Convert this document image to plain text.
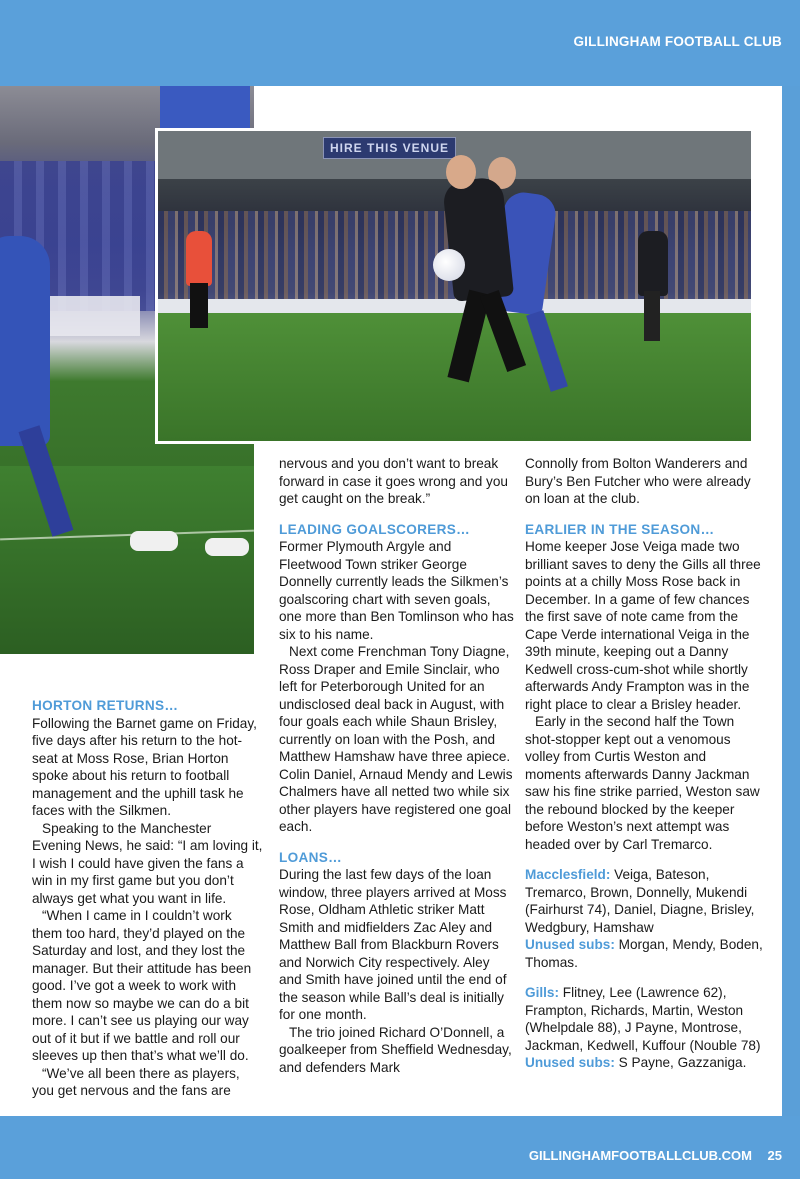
GILLINGHAM FOOTBALL CLUB
HIRE THIS VENUE

HORTON RETURNS…

Following the Barnet game on Friday, five days after his return to the hot-seat at Moss Rose, Brian Horton spoke about his return to football management and the uphill task he faces with the Silkmen.

Speaking to the Manchester Evening News, he said: “I am loving it, I wish I could have given the fans a win in my first game but you don’t always get what you want in life.

“When I came in I couldn’t work them too hard, they’d played on the Saturday and lost, and they lost the manager. But their attitude has been good. I’ve got a week to work with them now so maybe we can do a bit more. I can’t see us playing our way out of it but if we battle and roll our sleeves up then that’s what we’ll do.

“We’ve all been there as players, you get nervous and the fans are

nervous and you don’t want to break forward in case it goes wrong and you get caught on the break.”

LEADING GOALSCORERS…

Former Plymouth Argyle and Fleetwood Town striker George Donnelly currently leads the Silkmen’s goalscoring chart with seven goals, one more than Ben Tomlinson who has six to his name.

Next come Frenchman Tony Diagne, Ross Draper and Emile Sinclair, who left for Peterborough United for an undisclosed deal back in August, with four goals each while Shaun Brisley, currently on loan with the Posh, and Matthew Hamshaw have three apiece. Colin Daniel, Arnaud Mendy and Lewis Chalmers have all netted two while six other players have registered one goal each.

LOANS…

During the last few days of the loan window, three players arrived at Moss Rose, Oldham Athletic striker Matt Smith and midfielders Zac Aley and Matthew Ball from Blackburn Rovers and Norwich City respectively. Aley and Smith have joined until the end of the season while Ball’s deal is initially for one month.

The trio joined Richard O’Donnell, a goalkeeper from Sheffield Wednesday, and defenders Mark

Connolly from Bolton Wanderers and Bury’s Ben Futcher who were already on loan at the club.

EARLIER IN THE SEASON…

Home keeper Jose Veiga made two brilliant saves to deny the Gills all three points at a chilly Moss Rose back in December. In a game of few chances the first save of note came from the Cape Verde international Veiga in the 39th minute, keeping out a Danny Kedwell cross-cum-shot while shortly afterwards Andy Frampton was in the right place to clear a Brisley header.

Early in the second half the Town shot-stopper kept out a venomous volley from Curtis Weston and moments afterwards Danny Jackman saw his fine strike parried, Weston saw the rebound blocked by the keeper before Weston’s next attempt was headed over by Carl Tremarco.

Macclesfield: Veiga, Bateson, Tremarco, Brown, Donnelly, Mukendi (Fairhurst 74), Daniel, Diagne, Brisley, Wedgbury, Hamshaw
Unused subs: Morgan, Mendy, Boden, Thomas.

Gills: Flitney, Lee (Lawrence 62), Frampton, Richards, Martin, Weston (Whelpdale 88), J Payne, Montrose, Jackman, Kedwell, Kuffour (Nouble 78)
Unused subs: S Payne, Gazzaniga.

GILLINGHAMFOOTBALLCLUB.COM 25
